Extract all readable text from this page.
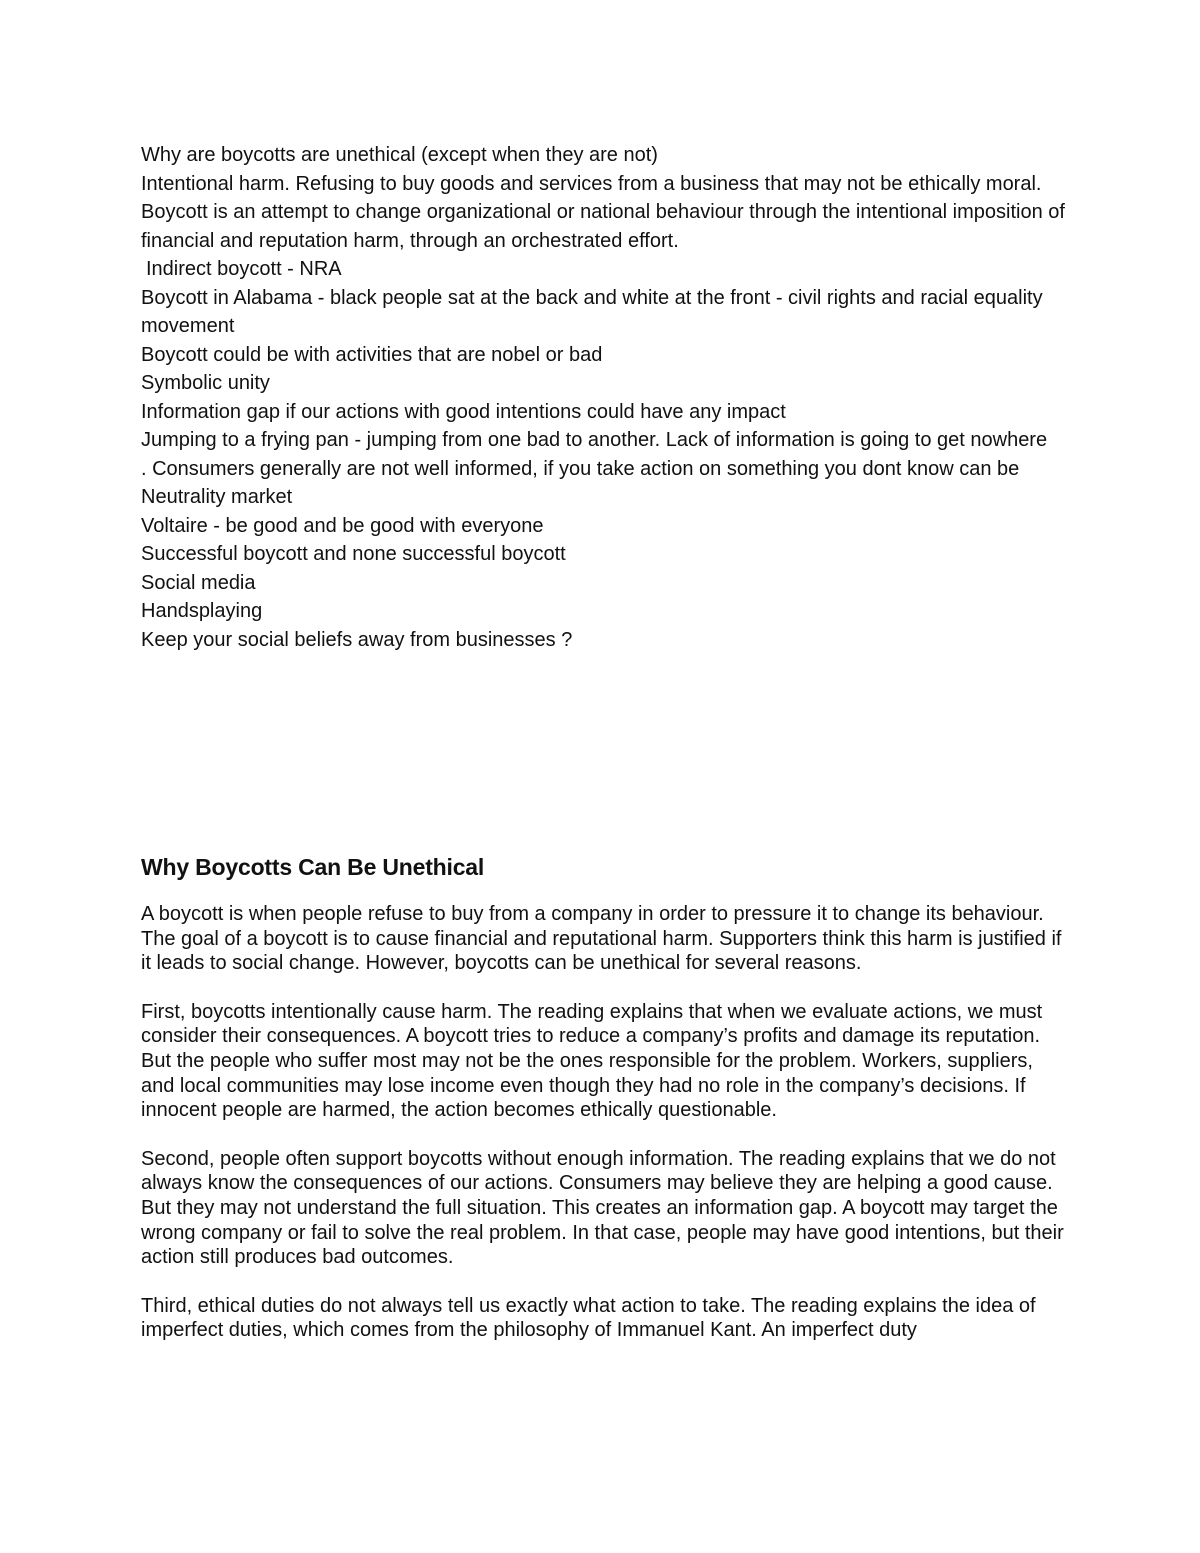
Why are boycotts are unethical (except when they are not)
Intentional harm. Refusing to buy goods and services from a business that may not be ethically moral. Boycott is an attempt to change organizational or national behaviour through the intentional imposition of financial and reputation harm, through an orchestrated effort.
Indirect boycott - NRA
Boycott in Alabama - black people sat at the back and white at the front - civil rights and racial equality movement
Boycott could be with activities that are nobel or bad
Symbolic unity
Information gap if our actions with good intentions could have any impact
Jumping to a frying pan - jumping from one bad to another. Lack of information is going to get nowhere
. Consumers generally are not well informed, if you take action on something you dont know can be
Neutrality market
Voltaire - be good and be good with everyone
Successful boycott and none successful boycott
Social media
Handsplaying
Keep your social beliefs away from businesses ?
Why Boycotts Can Be Unethical

A boycott is when people refuse to buy from a company in order to pressure it to change its behaviour. The goal of a boycott is to cause financial and reputational harm. Supporters think this harm is justified if it leads to social change. However, boycotts can be unethical for several reasons.

First, boycotts intentionally cause harm. The reading explains that when we evaluate actions, we must consider their consequences. A boycott tries to reduce a company’s profits and damage its reputation. But the people who suffer most may not be the ones responsible for the problem. Workers, suppliers, and local communities may lose income even though they had no role in the company’s decisions. If innocent people are harmed, the action becomes ethically questionable.

Second, people often support boycotts without enough information. The reading explains that we do not always know the consequences of our actions. Consumers may believe they are helping a good cause. But they may not understand the full situation. This creates an information gap. A boycott may target the wrong company or fail to solve the real problem. In that case, people may have good intentions, but their action still produces bad outcomes.

Third, ethical duties do not always tell us exactly what action to take. The reading explains the idea of imperfect duties, which comes from the philosophy of Immanuel Kant. An imperfect duty
